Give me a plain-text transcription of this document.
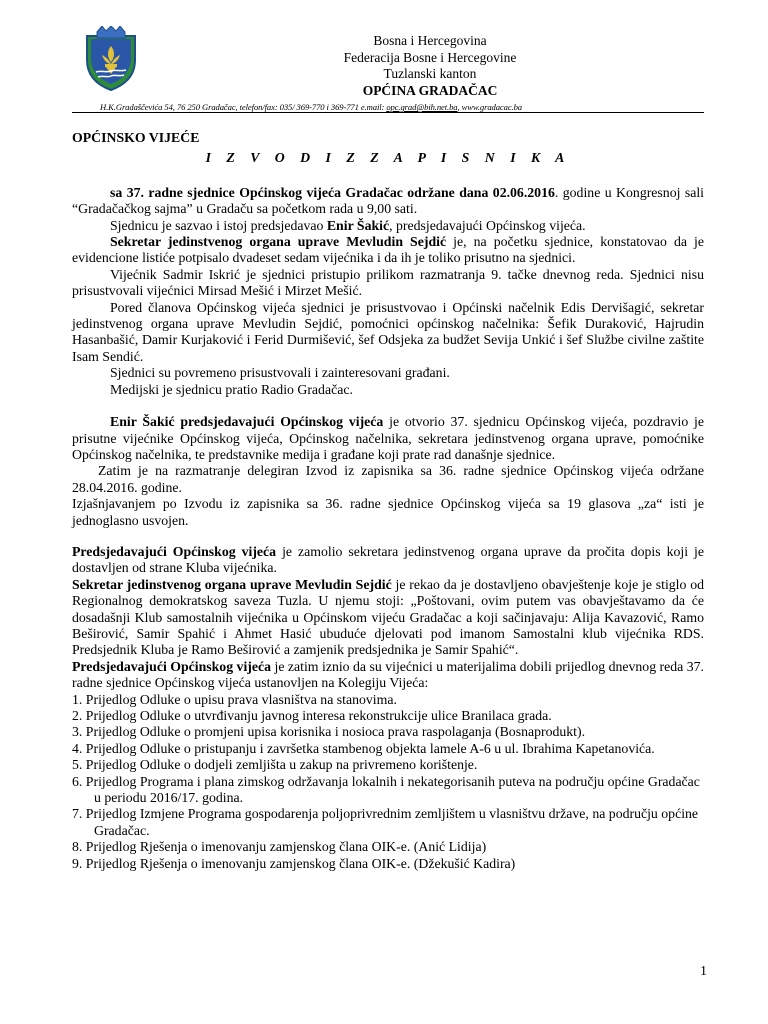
Bosna i Hercegovina
Federacija Bosne i Hercegovine
Tuzlanski kanton
OPĆINA GRADAČAC
H.K.Gradaščevića 54, 76 250 Gradačac, telefon/fax: 035/ 369-770 i 369-771 e.mail: opc.grad@bih.net.ba, www.gradacac.ba

OPĆINSKO VIJEĆE

I Z V O D I Z Z A P I S N I K A

sa 37. radne sjednice Općinskog vijeća Gradačac održane dana 02.06.2016. godine u Kongresnoj sali “Gradačačkog sajma” u Gradaču sa početkom rada u 9,00 sati.

Sjednicu je sazvao i istoj predsjedavao Enir Šakić, predsjedavajući Općinskog vijeća.

Sekretar jedinstvenog organa uprave Mevludin Sejdić je, na početku sjednice, konstatovao da je evidencione listiće potpisalo dvadeset sedam vijećnika i da ih je toliko prisutno na sjednici.

Vijećnik Sadmir Iskrić je sjednici pristupio prilikom razmatranja 9. tačke dnevnog reda. Sjednici nisu prisustvovali vijećnici Mirsad Mešić i Mirzet Mešić.

Pored članova Općinskog vijeća sjednici je prisustvovao i Općinski načelnik Edis Dervišagić, sekretar jedinstvenog organa uprave Mevludin Sejdić, pomoćnici općinskog načelnika: Šefik Duraković, Hajrudin Hasanbašić, Damir Kurjaković i Ferid Durmišević, šef Odsjeka za budžet Sevija Unkić i šef Službe civilne zaštite Isam Sendić.

Sjednici su povremeno prisustvovali i zainteresovani građani.

Medijski je sjednicu pratio Radio Gradačac.

Enir Šakić predsjedavajući Općinskog vijeća je otvorio 37. sjednicu Općinskog vijeća, pozdravio je prisutne vijećnike Općinskog vijeća, Općinskog načelnika, sekretara jedinstvenog organa uprave, pomoćnike Općinskog načelnika, te predstavnike medija i građane koji prate rad današnje sjednice.

Zatim je na razmatranje delegiran Izvod iz zapisnika sa 36. radne sjednice Općinskog vijeća održane 28.04.2016. godine.

Izjašnjavanjem po Izvodu iz zapisnika sa 36. radne sjednice Općinskog vijeća sa 19 glasova „za“ isti je jednoglasno usvojen.

Predsjedavajući Općinskog vijeća je zamolio sekretara jedinstvenog organa uprave da pročita dopis koji je dostavljen od strane Kluba vijećnika.

Sekretar jedinstvenog organa uprave Mevludin Sejdić je rekao da je dostavljeno obavještenje koje je stiglo od Regionalnog demokratskog saveza Tuzla. U njemu stoji: „Poštovani, ovim putem vas obavještavamo da će dosadašnji Klub samostalnih vijećnika u Općinskom vijeću Gradačac a koji sačinjavaju: Alija Kavazović, Ramo Beširović, Samir Spahić i Ahmet Hasić ubuduće djelovati pod imanom Samostalni klub vijećnika RDS. Predsjednik Kluba je Ramo Beširović a zamjenik predsjednika je Samir Spahić“.

Predsjedavajući Općinskog vijeća je zatim iznio da su vijećnici u materijalima dobili prijedlog dnevnog reda 37. radne sjednice Općinskog vijeća ustanovljen na Kolegiju Vijeća:

1. Prijedlog Odluke o upisu prava vlasništva na stanovima.

2. Prijedlog Odluke o utvrđivanju javnog interesa rekonstrukcije ulice Branilaca grada.

3. Prijedlog Odluke o promjeni upisa korisnika i nosioca prava raspolaganja (Bosnaprodukt).

4. Prijedlog Odluke o pristupanju i završetka stambenog objekta lamele A-6 u ul. Ibrahima Kapetanovića.

5. Prijedlog Odluke o dodjeli zemljišta u zakup na privremeno korištenje.

6. Prijedlog Programa i plana zimskog održavanja lokalnih i nekategorisanih puteva na području općine Gradačac u periodu 2016/17. godina.

7. Prijedlog Izmjene Programa gospodarenja poljoprivrednim zemljištem u vlasništvu države, na području općine Gradačac.

8. Prijedlog Rješenja o imenovanju zamjenskog člana OIK-e. (Anić Lidija)

9. Prijedlog Rješenja o imenovanju zamjenskog člana OIK-e. (Džekušić Kadira)

1
